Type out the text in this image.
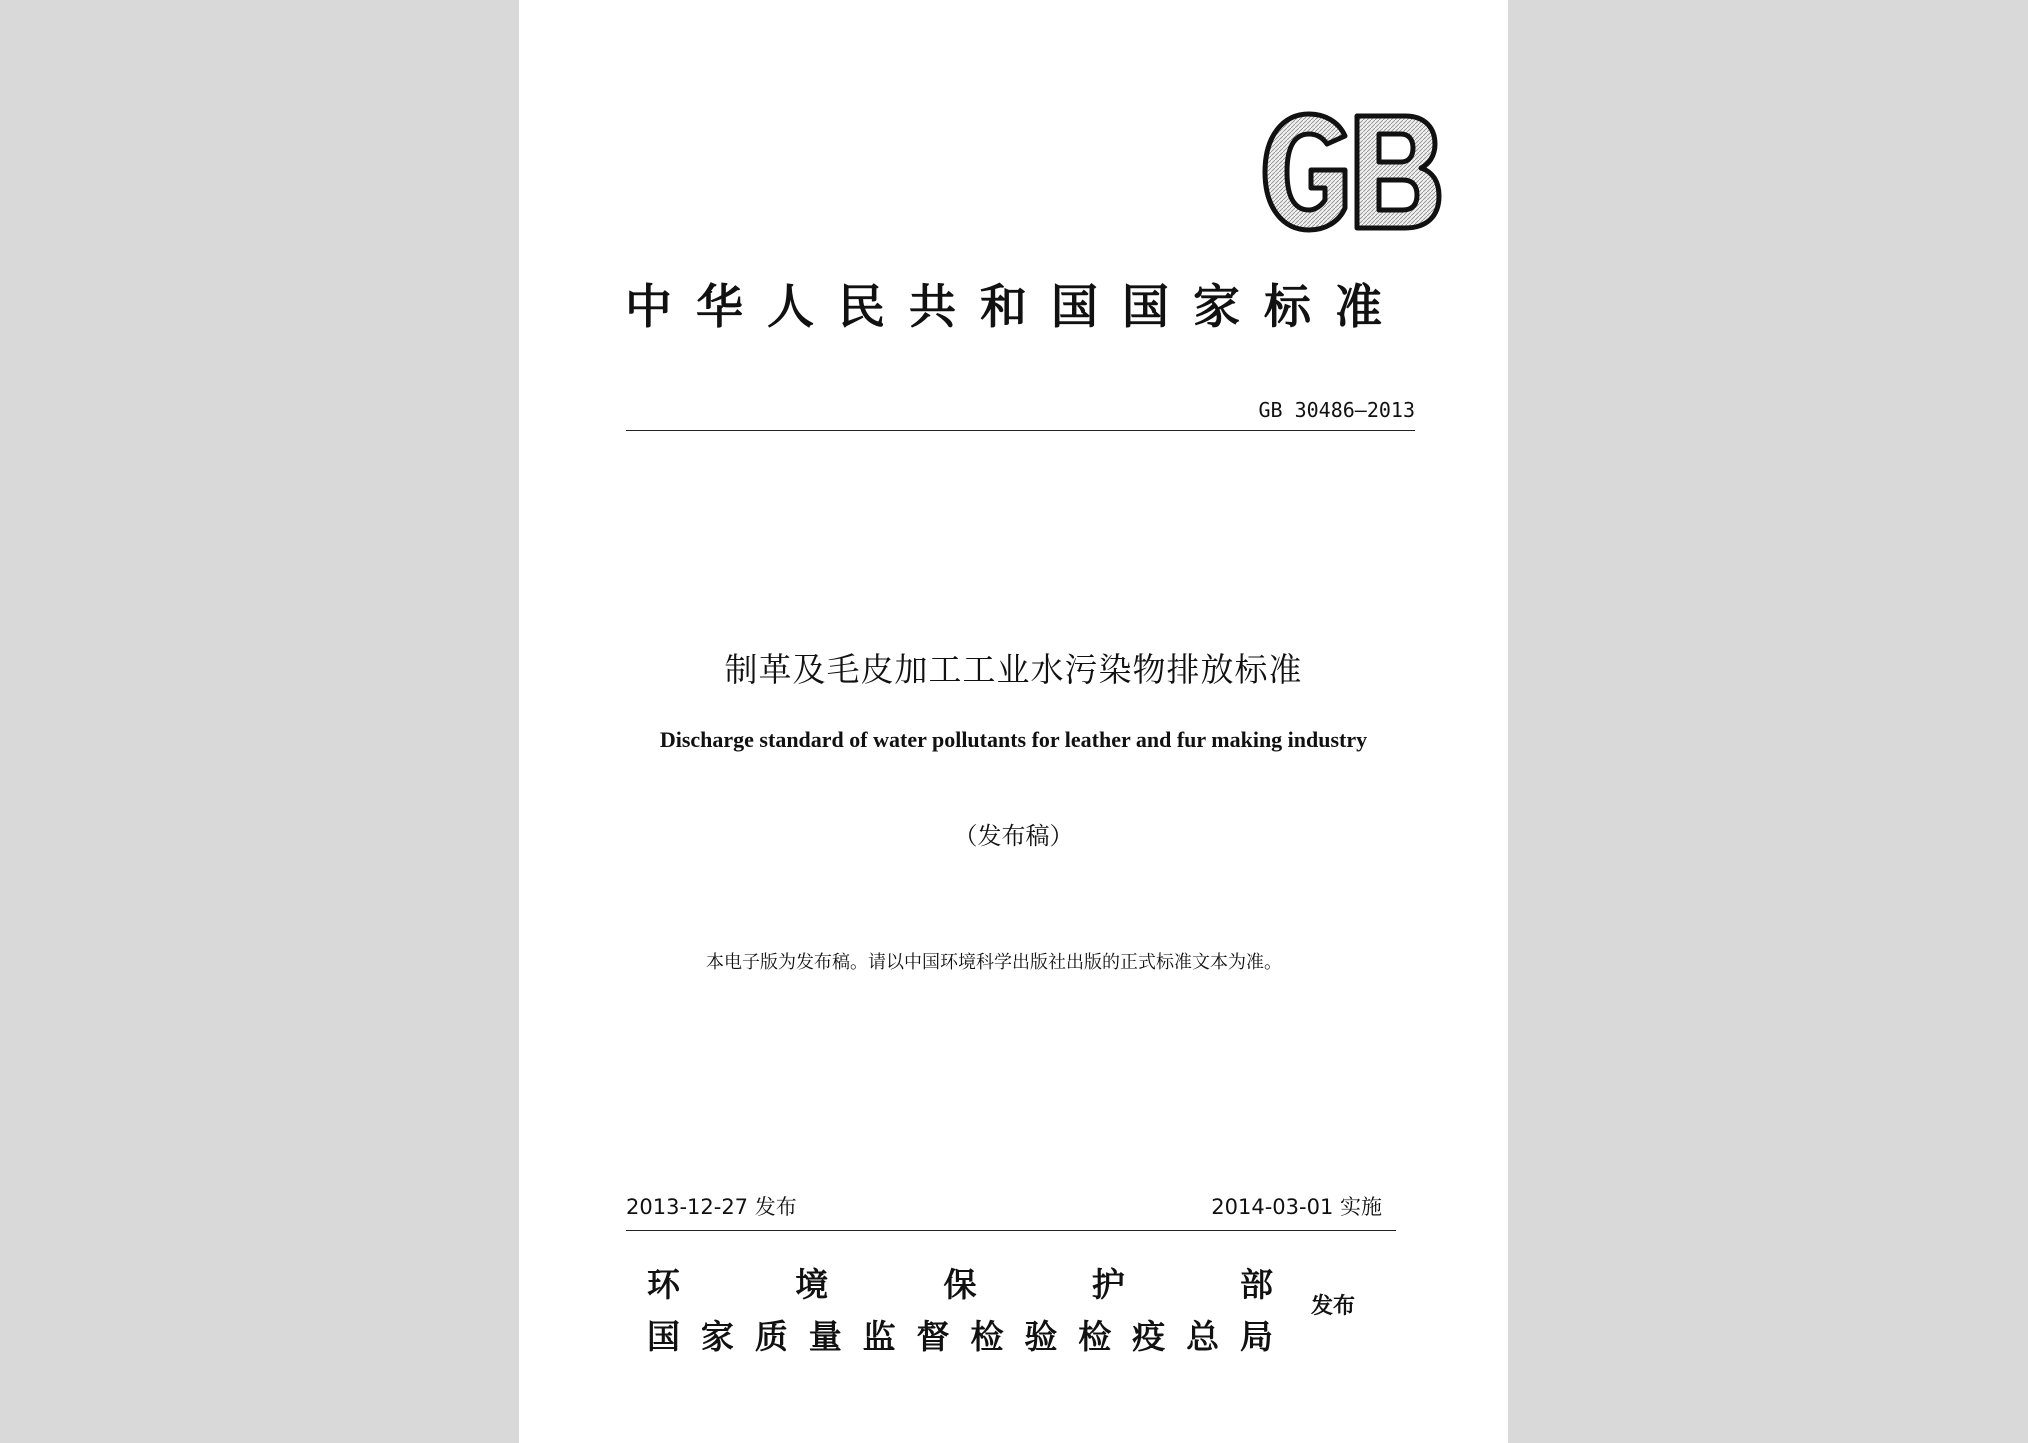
中华人民共和国国家标准
GB 30486—2013
制革及毛皮加工工业水污染物排放标准
Discharge standard of water pollutants for leather and fur making industry
（发布稿）
本电子版为发布稿。请以中国环境科学出版社出版的正式标准文本为准。
2013-12-27 发布	2014-03-01 实施
环	境	保	护	部
国 家 质 量 监 督 检 验 检 疫 总 局
发布
